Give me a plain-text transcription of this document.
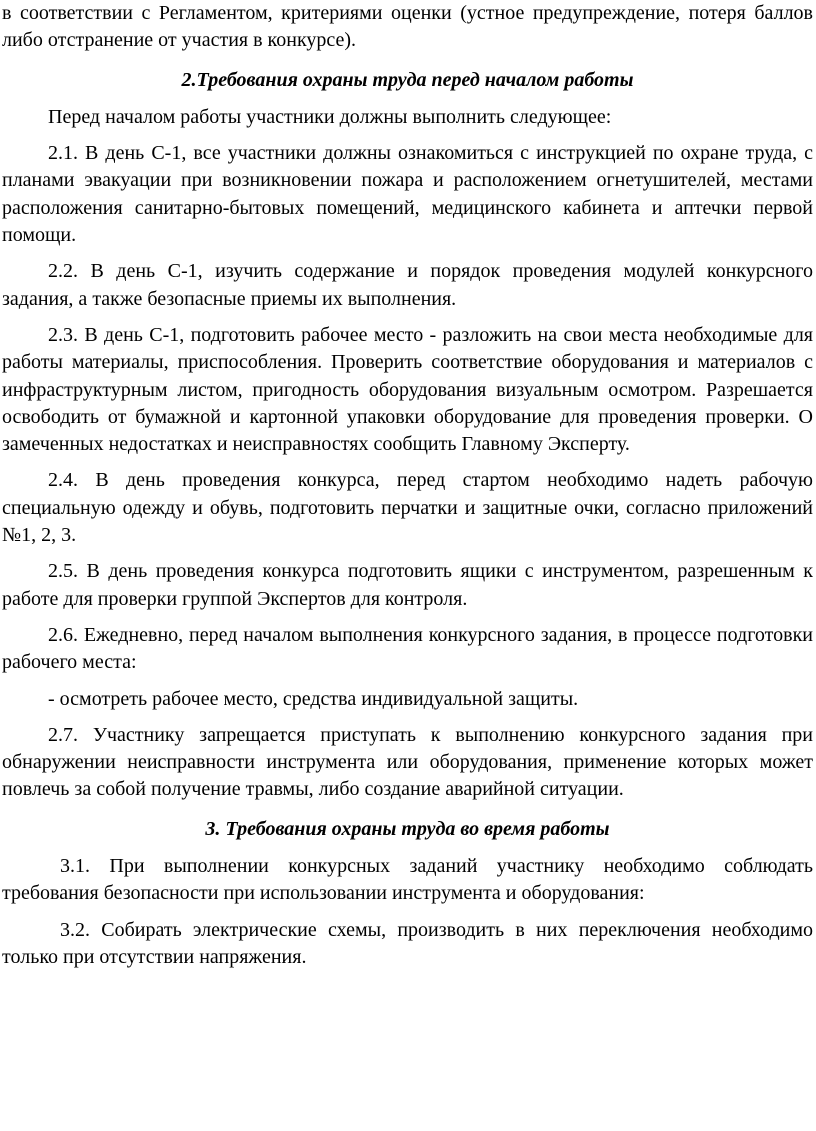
в соответствии с Регламентом, критериями оценки (устное предупреждение, потеря баллов либо отстранение от участия в конкурсе).

2.Требования охраны труда перед началом работы

Перед началом работы участники должны выполнить следующее:

2.1. В день С-1, все участники должны ознакомиться с инструкцией по охране труда, с планами эвакуации при возникновении пожара и расположением огнетушителей, местами расположения санитарно-бытовых помещений, медицинского кабинета и аптечки первой помощи.

2.2. В день С-1, изучить содержание и порядок проведения модулей конкурсного задания, а также безопасные приемы их выполнения.

2.3. В день С-1, подготовить рабочее место - разложить на свои места необходимые для работы материалы, приспособления. Проверить соответствие оборудования и материалов с инфраструктурным листом, пригодность оборудования визуальным осмотром. Разрешается освободить от бумажной и картонной упаковки оборудование для проведения проверки. О замеченных недостатках и неисправностях сообщить Главному Эксперту.

2.4. В день проведения конкурса, перед стартом необходимо надеть рабочую специальную одежду и обувь, подготовить перчатки и защитные очки, согласно приложений №1, 2, 3.

2.5. В день проведения конкурса подготовить ящики с инструментом, разрешенным к работе для проверки группой Экспертов для контроля.

2.6. Ежедневно, перед началом выполнения конкурсного задания, в процессе подготовки рабочего места:

- осмотреть рабочее место, средства индивидуальной защиты.

2.7. Участнику запрещается приступать к выполнению конкурсного задания при обнаружении неисправности инструмента или оборудования, применение которых может повлечь за собой получение травмы, либо создание аварийной ситуации.

3. Требования охраны труда во время работы

3.1. При выполнении конкурсных заданий участнику необходимо соблюдать требования безопасности при использовании инструмента и оборудования:

3.2. Собирать электрические схемы, производить в них переключения необходимо только при отсутствии напряжения.
